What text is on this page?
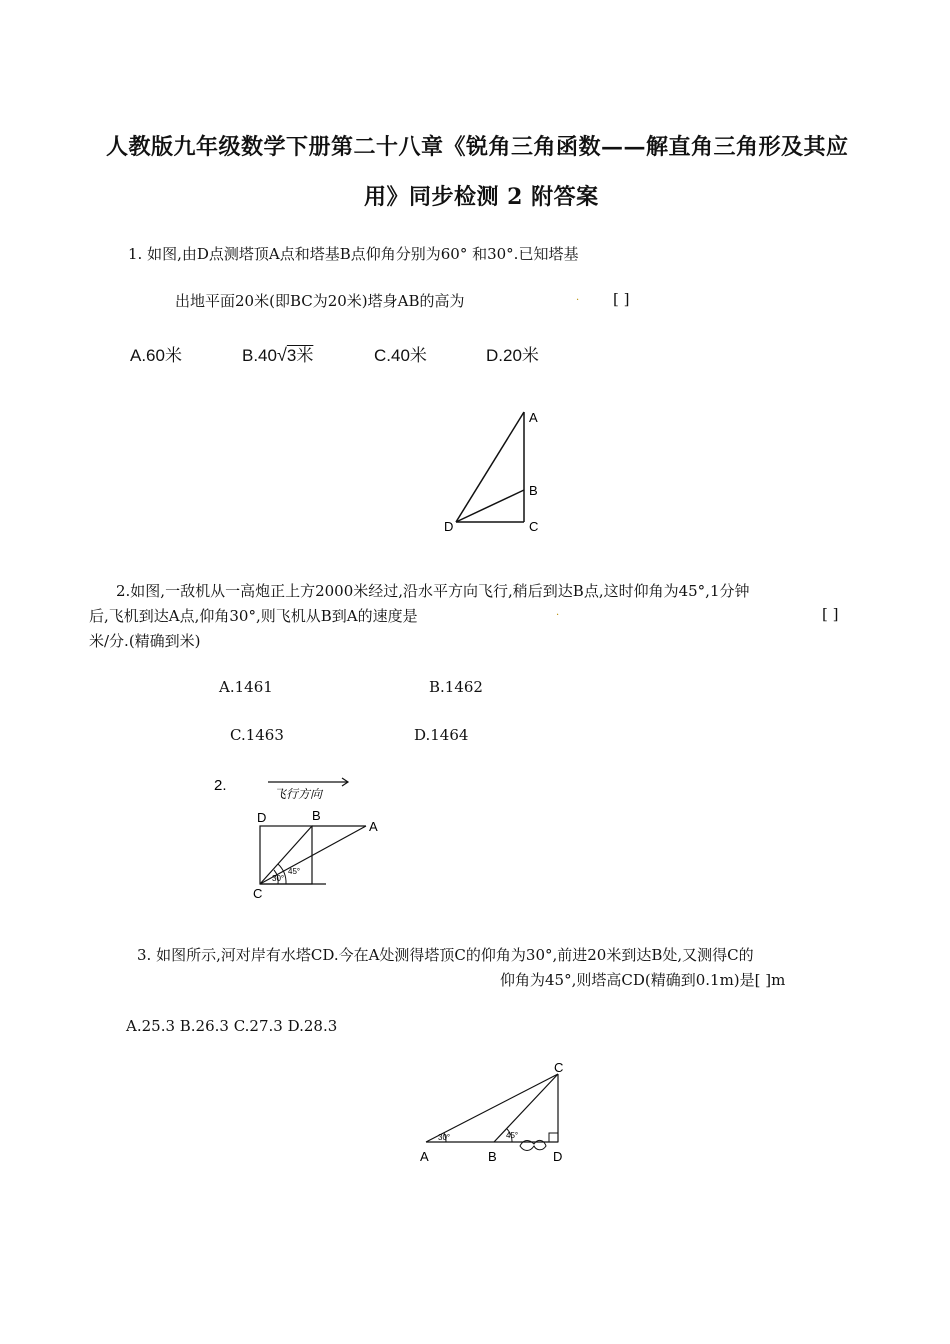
人教版九年级数学下册第二十八章《锐角三角函数——解直角三角形及其应
用》同步检测 2 附答案
1. 如图,由D点测塔顶A点和塔基B点仰角分别为60° 和30°.已知塔基
出地平面20米(即BC为20米)塔身AB的高为	. [ ]
A.60米	B.40√3米	C.40米	D.20米
A
B
C
D
2.如图,一敌机从一高炮正上方2000米经过,沿水平方向飞行,稍后到达B点,这时仰角为45°,1分钟
后,飞机到达A点,仰角30°,则飞机从B到A的速度是	.	[ ]
米/分.(精确到米)
A.1461	B.1462
C.1463	D.1464
2.	飞行方向
45°
30°
D	B
A
C
3. 如图所示,河对岸有水塔CD.今在A处测得塔顶C的仰角为30°,前进20米到达B处,又测得C的
仰角为45°,则塔高CD(精确到0.1m)是[ ]m
A.25.3 B.26.3 C.27.3 D.28.3
30°	45°
C
A	B	D
